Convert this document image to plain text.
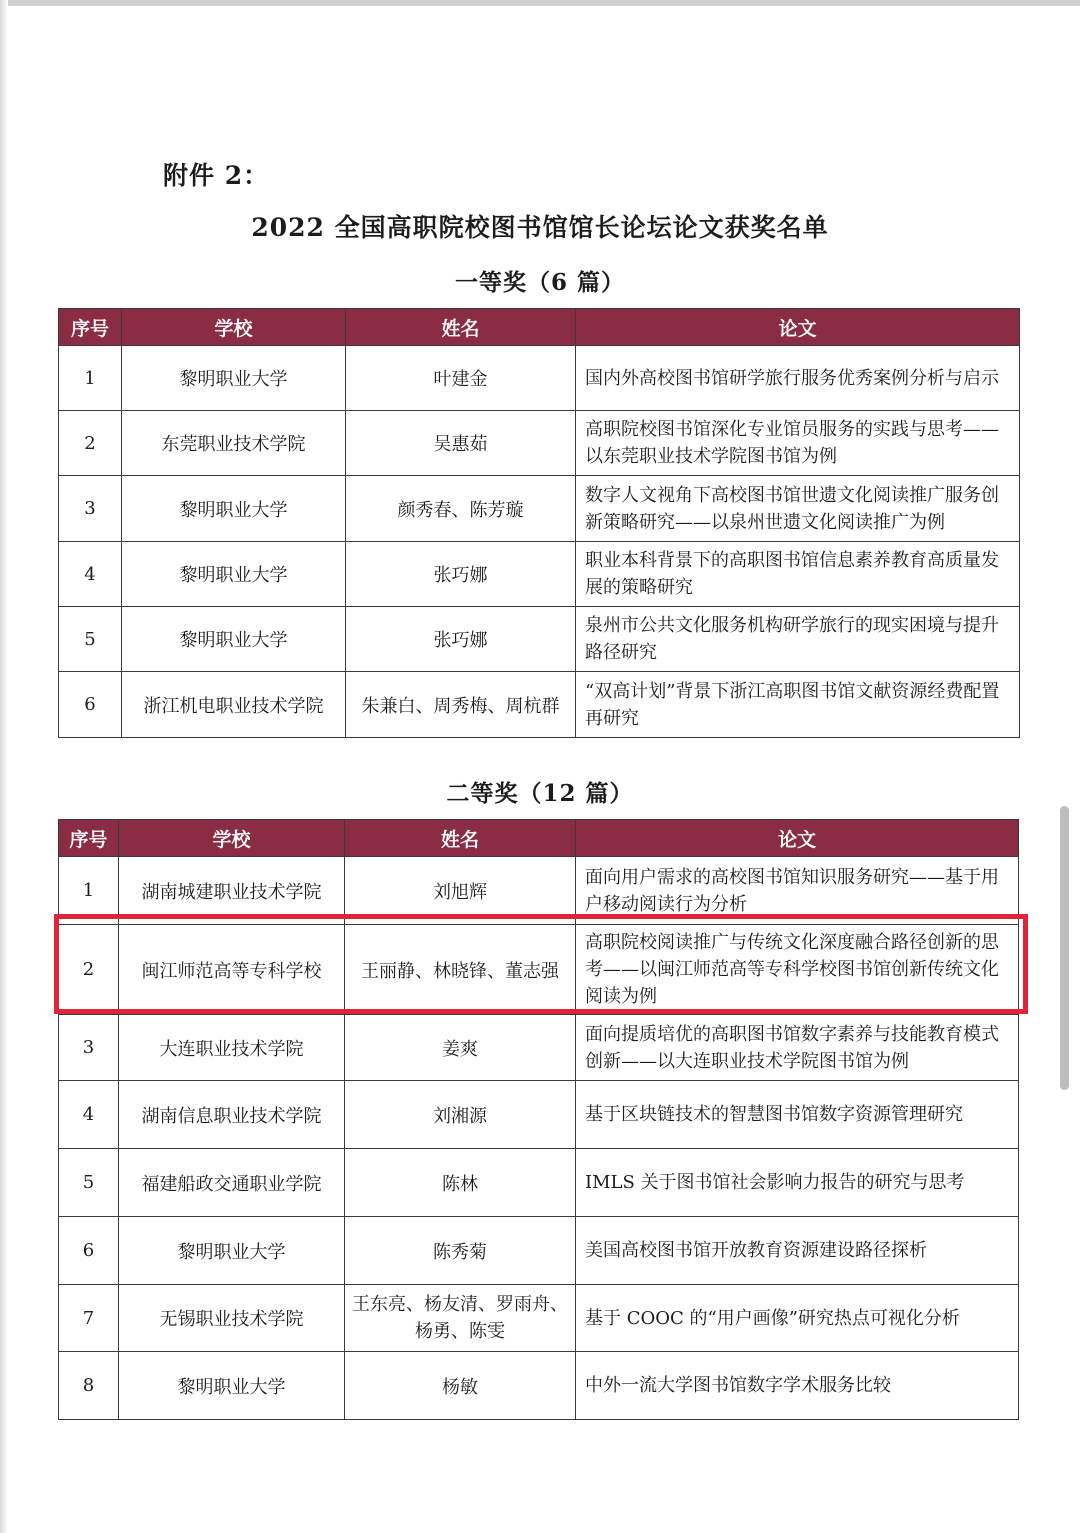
附件 2：
2022 全国高职院校图书馆馆长论坛论文获奖名单
一等奖（6 篇）
序号	学校	姓名	论文
1	黎明职业大学	叶建金	国内外高校图书馆研学旅行服务优秀案例分析与启示
2	东莞职业技术学院	吴惠茹	高职院校图书馆深化专业馆员服务的实践与思考——以东莞职业技术学院图书馆为例
3	黎明职业大学	颜秀春、陈芳璇	数字人文视角下高校图书馆世遗文化阅读推广服务创新策略研究——以泉州世遗文化阅读推广为例
4	黎明职业大学	张巧娜	职业本科背景下的高职图书馆信息素养教育高质量发展的策略研究
5	黎明职业大学	张巧娜	泉州市公共文化服务机构研学旅行的现实困境与提升路径研究
6	浙江机电职业技术学院	朱兼白、周秀梅、周杭群	“双高计划”背景下浙江高职图书馆文献资源经费配置再研究
二等奖（12 篇）
序号	学校	姓名	论文
1	湖南城建职业技术学院	刘旭辉	面向用户需求的高校图书馆知识服务研究——基于用户移动阅读行为分析
2	闽江师范高等专科学校	王丽静、林晓锋、董志强	高职院校阅读推广与传统文化深度融合路径创新的思考——以闽江师范高等专科学校图书馆创新传统文化阅读为例
3	大连职业技术学院	姜爽	面向提质培优的高职图书馆数字素养与技能教育模式创新——以大连职业技术学院图书馆为例
4	湖南信息职业技术学院	刘湘源	基于区块链技术的智慧图书馆数字资源管理研究
5	福建船政交通职业学院	陈林	IMLS 关于图书馆社会影响力报告的研究与思考
6	黎明职业大学	陈秀菊	美国高校图书馆开放教育资源建设路径探析
7	无锡职业技术学院	王东亮、杨友清、罗雨舟、杨勇、陈雯	基于 COOC 的“用户画像”研究热点可视化分析
8	黎明职业大学	杨敏	中外一流大学图书馆数字学术服务比较
